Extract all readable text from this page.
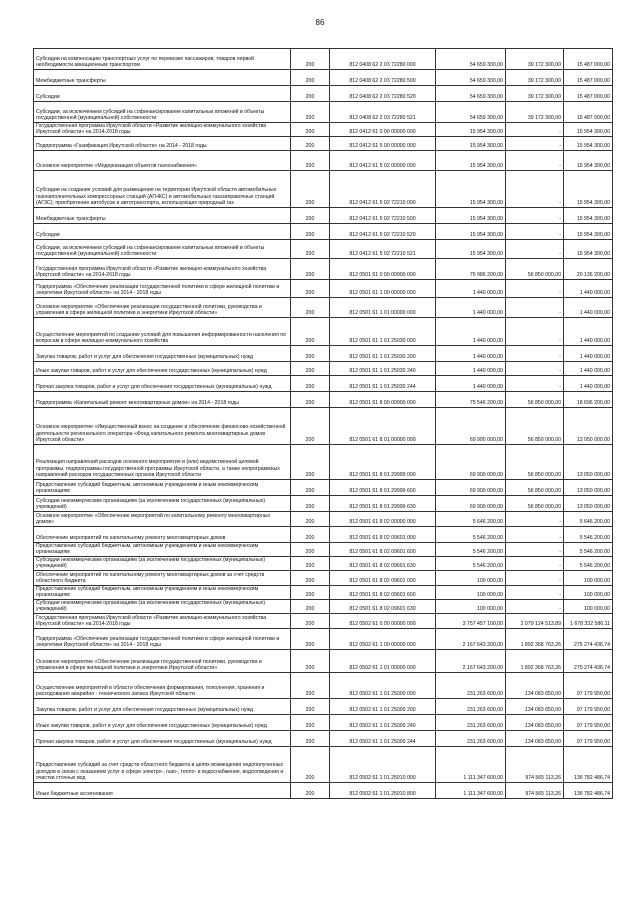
86
Субсидии на компенсацию транспортных услуг по перевозке пассажиров, товаров первой необходимости авиационным транспортом	200	812 0408 62 2 03 72280 000	54 659 300,00	39 172 300,00	15 487 000,00
Межбюджетные трансферты	200	812 0408 62 2 03 72280 500	54 659 300,00	39 172 300,00	15 487 000,00
Субсидии	200	812 0408 62 2 03 72280 520	54 659 300,00	39 172 300,00	15 487 000,00
Субсидии, за исключением субсидий на софинансирование капитальных вложений в объекты государственной (муниципальной) собственности	200	812 0408 62 2 03 72280 521	54 659 300,00	39 172 300,00	15 487 000,00
Государственная программа Иркутской области «Развитие жилищно-коммунального хозяйства Иркутской области» на 2014-2018 годы	200	812 0412 61 0 00 00000 000	15 954 300,00	-	15 954 300,00
Подпрограмма «Газификация Иркутской области» на 2014 - 2018 годы	200	812 0412 61 5 00 00000 000	15 954 300,00	-	15 954 300,00
Основное мероприятие «Модернизация объектов газоснабжения»	200	812 0412 61 5 02 00000 000	15 954 300,00	-	15 954 300,00
Субсидии на создание условий для размещения на территории Иркутской области автомобильных газонаполнительных компрессорных станций (АГНКС) и автомобильных газозаправочных станций (АГЗС); приобретение автобусов и автотранспорта, использующих природный газ	200	812 0412 61 5 02 72210 000	15 954 300,00	-	15 954 300,00
Межбюджетные трансферты	200	812 0412 61 5 02 72210 500	15 954 300,00	-	15 954 300,00
Субсидии	200	812 0412 61 5 02 72210 520	15 954 300,00	-	15 954 300,00
Субсидии, за исключением субсидий на софинансирование капитальных вложений в объекты государственной (муниципальной) собственности	200	812 0412 61 5 02 72210 521	15 954 300,00	-	15 954 300,00
Государственная программа Иркутской области «Развитие жилищно-коммунального хозяйства Иркутской области» на 2014-2018 годы	200	812 0501 61 0 00 00000 000	76 986 200,00	56 850 000,00	20 136 200,00
Подпрограмма «Обеспечение реализации государственной политики в сфере жилищной политики и энергетики Иркутской области» на 2014 - 2018 годы	200	812 0501 61 1 00 00000 000	1 440 000,00	-	1 440 000,00
Основное мероприятие «Обеспечение реализации государственной политики, руководства и управления в сфере жилищной политики и энергетики Иркутской области»	200	812 0501 61 1 01 00000 000	1 440 000,00	-	1 440 000,00
Осуществление мероприятий по созданию условий для повышения информированности населения по вопросам в сфере жилищно-коммунального хозяйства	200	812 0501 61 1 01 25030 000	1 440 000,00	-	1 440 000,00
Закупка товаров, работ и услуг для обеспечения государственных (муниципальных) нужд	200	812 0501 61 1 01 25030 200	1 440 000,00	-	1 440 000,00
Иные закупки товаров, работ и услуг для обеспечения государственных (муниципальных) нужд	200	812 0501 61 1 01 25030 240	1 440 000,00	-	1 440 000,00
Прочая закупка товаров, работ и услуг для обеспечения государственных (муниципальных) нужд	200	812 0501 61 1 01 25030 244	1 440 000,00	-	1 440 000,00
Подпрограмма «Капитальный ремонт многоквартирных домов» на 2014 - 2018 годы	200	812 0501 61 8 00 00000 000	75 546 200,00	56 850 000,00	18 696 200,00
Основное мероприятие «Имущественный взнос на создание и обеспечение финансово-хозяйственной деятельности регионального оператора «Фонд капитального ремонта многоквартирных домов Иркутской области»	200	812 0501 61 8 01 00000 000	69 900 000,00	56 850 000,00	13 050 000,00
Реализация направлений расходов основного мероприятия и (или) ведомственной целевой программы, подпрограммы государственной программы Иркутской области, а также непрограммных направлений расходов государственных органов Иркутской области	200	812 0501 61 8 01 29999 000	69 900 000,00	56 850 000,00	13 050 000,00
Предоставление субсидий бюджетным, автономным учреждениям и иным некоммерческим организациям	200	812 0501 61 8 01 29999 600	69 900 000,00	56 850 000,00	13 050 000,00
Субсидии некоммерческим организациям (за исключением государственных (муниципальных) учреждений)	200	812 0501 61 8 01 29999 630	69 900 000,00	56 850 000,00	13 050 000,00
Основное мероприятие «Обеспечение мероприятий по капитальному ремонту многоквартирных домов»	200	812 0501 61 8 02 00000 000	5 646 200,00	-	5 646 200,00
Обеспечение мероприятий по капитальному ремонту многоквартирных домов	200	812 0501 61 8 02 09601 000	5 546 200,00	-	5 546 200,00
Предоставление субсидий бюджетным, автономным учреждениям и иным некоммерческим организациям	200	812 0501 61 8 02 09601 600	5 546 200,00	-	5 546 200,00
Субсидии некоммерческим организациям (за исключением государственных (муниципальных) учреждений)	200	812 0501 61 8 02 09601 630	5 546 200,00	-	5 546 200,00
Обеспечение мероприятий по капитальному ремонту многоквартирных домов за счет средств областного бюджета	200	812 0501 61 8 02 09601 000	100 000,00	-	100 000,00
Предоставление субсидий бюджетным, автономным учреждениям и иным некоммерческим организациям	200	812 0501 61 8 02 09601 600	100 000,00	-	100 000,00
Субсидии некоммерческим организациям (за исключением государственных (муниципальных) учреждений)	200	812 0501 61 8 02 09601 630	100 000,00	-	100 000,00
Государственная программа Иркутской области «Развитие жилищно-коммунального хозяйства Иркутской области» на 2014-2018 годы	200	812 0502 61 0 00 00000 000	3 757 457 100,00	2 079 124 513,89	1 678 332 586,11
Подпрограмма «Обеспечение реализации государственной политики в сфере жилищной политики и энергетики Иркутской области» на 2014 - 2018 годы	200	812 0502 61 1 00 00000 000	2 167 643 200,00	1 892 368 763,26	275 274 436,74
Основное мероприятие «Обеспечение реализации государственной политики, руководства и управления в сфере жилищной политики и энергетики Иркутской области»	200	812 0502 61 1 01 00000 000	2 167 643 200,00	1 892 368 763,26	275 274 436,74
Осуществление мероприятий в области обеспечения формирования, пополнения, хранения и расходования аварийно - технического запаса Иркутской области	200	812 0502 61 1 01 25000 000	231 263 600,00	134 083 650,00	97 179 950,00
Закупка товаров, работ и услуг для обеспечения государственных (муниципальных) нужд	200	812 0502 61 1 01 25000 200	231 263 600,00	134 083 650,00	97 179 950,00
Иные закупки товаров, работ и услуг для обеспечения государственных (муниципальных) нужд	200	812 0502 61 1 01 25000 240	231 263 600,00	134 083 650,00	97 179 950,00
Прочая закупка товаров, работ и услуг для обеспечения государственных (муниципальных) нужд	200	812 0502 61 1 01 25000 244	231 263 600,00	134 083 650,00	97 179 950,00
Предоставление субсидий за счет средств областного бюджета в целях возмещения недополученных доходов в связи с оказанием услуг в сфере электро-, газо-, тепло- и водоснабжения, водоотведения и очистки сточных вод	200	812 0502 61 1 01 25010 000	1 111 347 600,00	974 565 113,26	136 782 486,74
Иные бюджетные ассигнования	200	812 0502 61 1 01 25010 800	1 111 347 600,00	974 565 113,26	136 782 486,74
